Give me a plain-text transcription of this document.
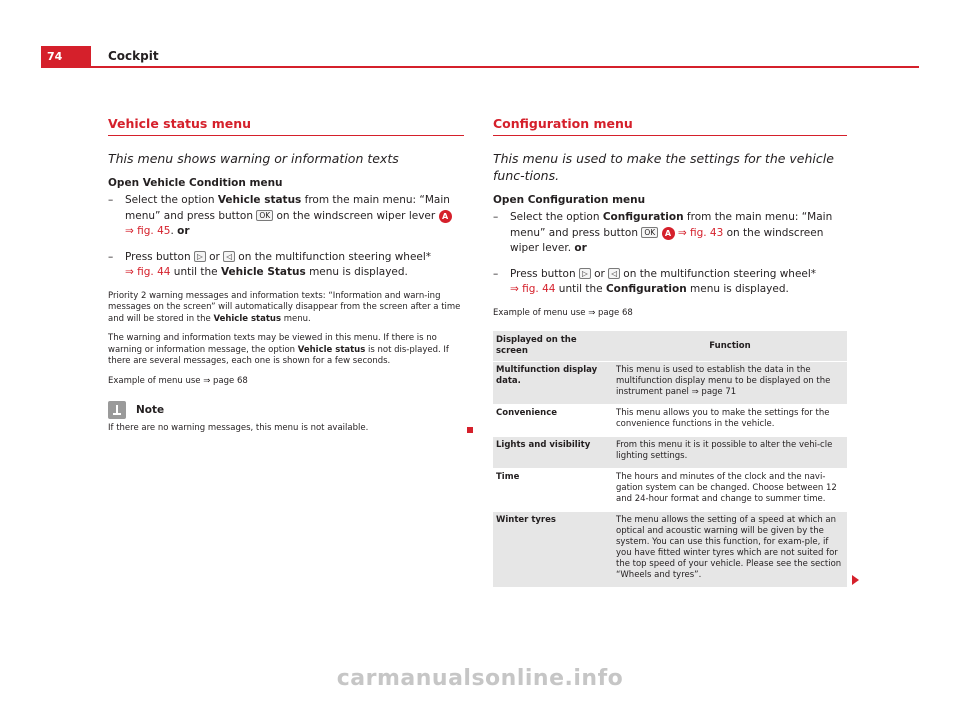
74	Cockpit
Vehicle status menu

This menu shows warning or information texts

Open Vehicle Condition menu

– Select the option Vehicle status from the main menu: “Main menu” and press button OK on the windscreen wiper lever A
⇒ fig. 45. or
– Press button ▷ or ◁ on the multifunction steering wheel*
⇒ fig. 44 until the Vehicle Status menu is displayed.

Priority 2 warning messages and information texts: “Information and warn-ing messages on the screen” will automatically disappear from the screen after a time and will be stored in the Vehicle status menu.

The warning and information texts may be viewed in this menu. If there is no warning or information message, the option Vehicle status is not dis-played. If there are several messages, each one is shown for a few seconds.

Example of menu use ⇒ page 68

Note

If there are no warning messages, this menu is not available.

Configuration menu

This menu is used to make the settings for the vehicle func-tions.

Open Configuration menu

– Select the option Configuration from the main menu: “Main menu” and press button OK A ⇒ fig. 43 on the windscreen wiper lever. or
– Press button ▷ or ◁ on the multifunction steering wheel*
⇒ fig. 44 until the Configuration menu is displayed.

Example of menu use ⇒ page 68

Displayed on the screen	Function
Multifunction display data.	This menu is used to establish the data in the multifunction display menu to be displayed on the instrument panel ⇒ page 71
Convenience	This menu allows you to make the settings for the convenience functions in the vehicle.
Lights and visibility	From this menu it is it possible to alter the vehi-cle lighting settings.
Time	The hours and minutes of the clock and the navi-gation system can be changed. Choose between 12 and 24-hour format and change to summer time.
Winter tyres	The menu allows the setting of a speed at which an optical and acoustic warning will be given by the system. You can use this function, for exam-ple, if you have fitted winter tyres which are not suited for the top speed of your vehicle. Please see the section “Wheels and tyres”.
carmanualsonline.info
